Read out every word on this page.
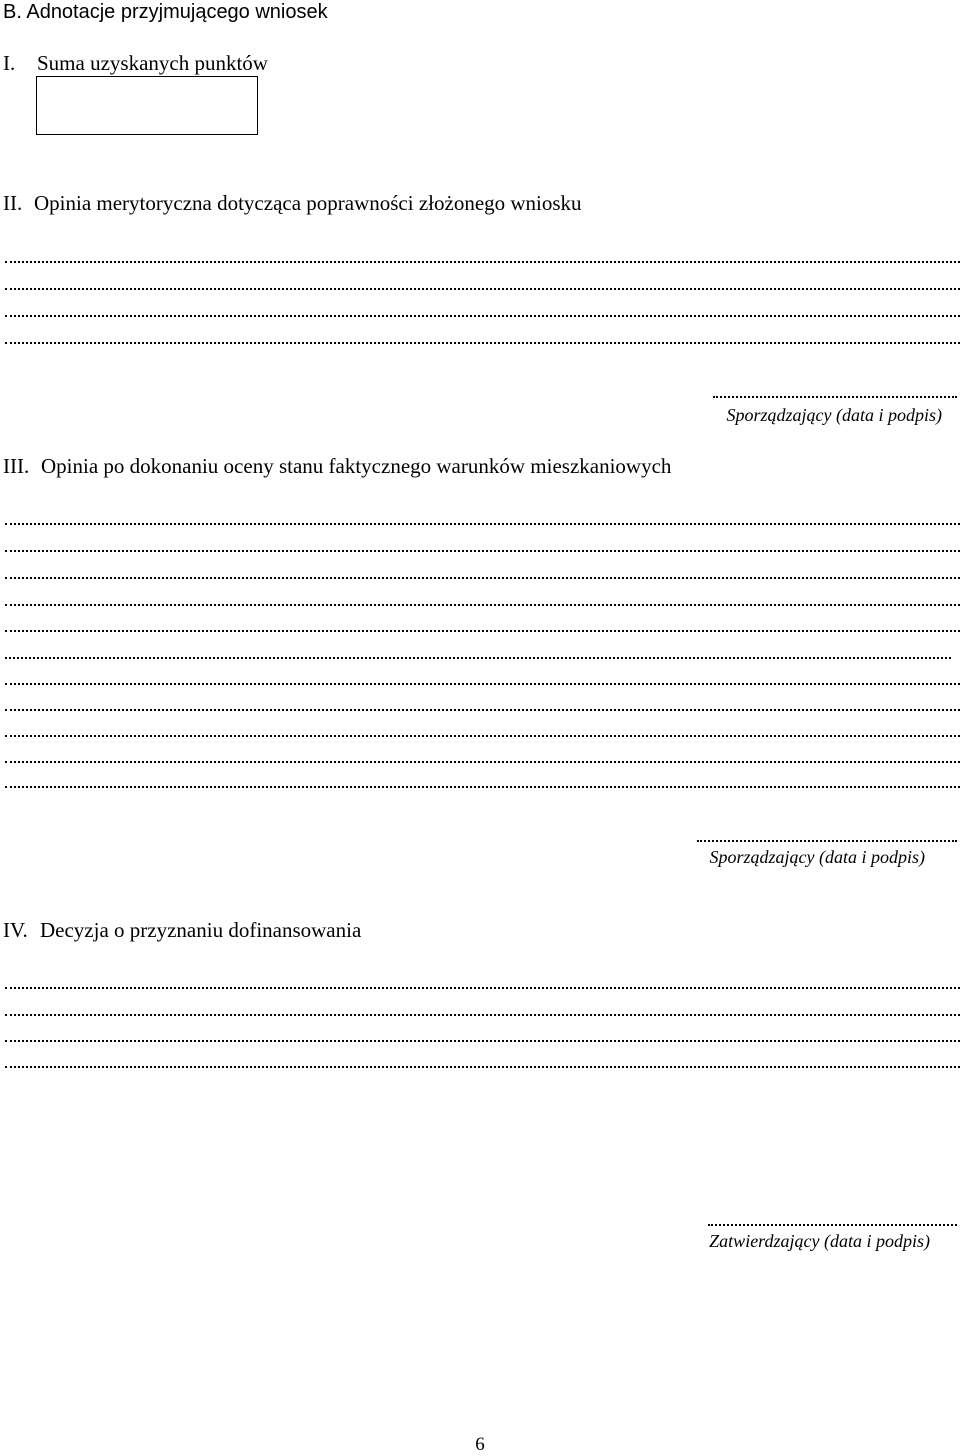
B. Adnotacje przyjmującego wniosek
I. Suma uzyskanych punktów
II. Opinia merytoryczna dotycząca poprawności złożonego wniosku
Sporządzający (data i podpis)
III. Opinia po dokonaniu oceny stanu faktycznego warunków mieszkaniowych
Sporządzający (data i podpis)
IV. Decyzja o przyznaniu dofinansowania
Zatwierdzający (data i podpis)
6
